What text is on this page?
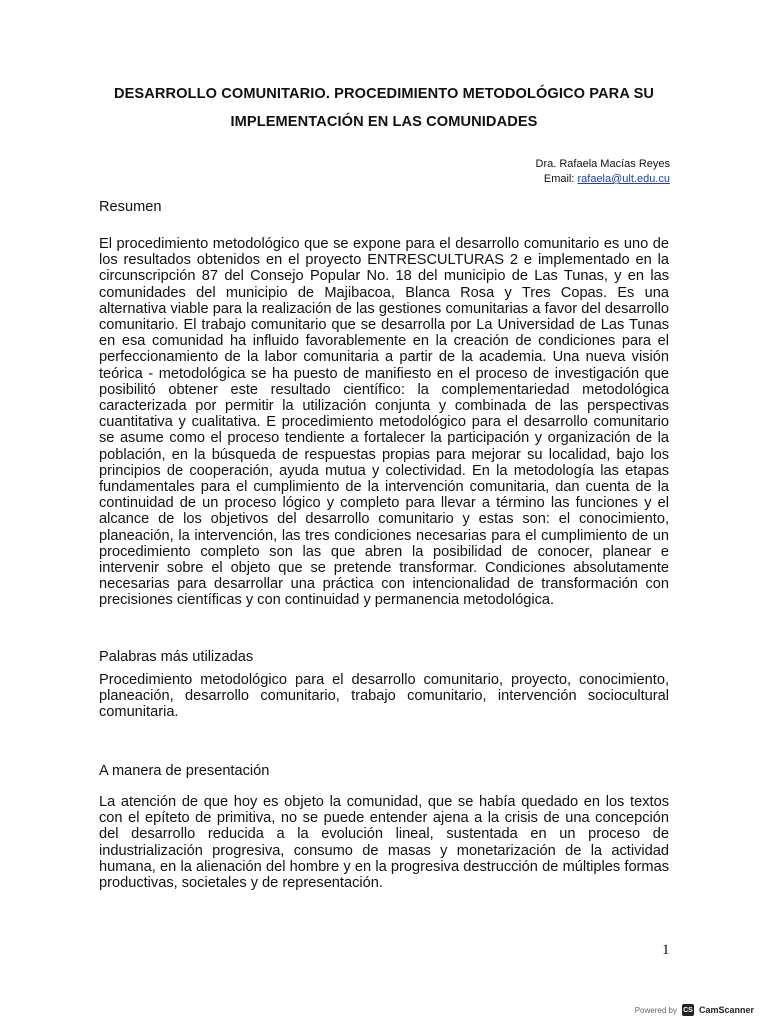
DESARROLLO COMUNITARIO. PROCEDIMIENTO METODOLÓGICO PARA SU
IMPLEMENTACIÓN EN LAS COMUNIDADES
Dra. Rafaela Macías Reyes
Email: rafaela@ult.edu.cu
Resumen
El procedimiento metodológico que se expone para el desarrollo comunitario es uno de los resultados obtenidos en el proyecto ENTRESCULTURAS 2 e implementado en la circunscripción 87 del Consejo Popular No. 18 del municipio de Las Tunas, y en las comunidades del municipio de Majibacoa, Blanca Rosa y Tres Copas. Es una alternativa viable para la realización de las gestiones comunitarias a favor del desarrollo comunitario. El trabajo comunitario que se desarrolla por La Universidad de Las Tunas en esa comunidad ha influido favorablemente en la creación de condiciones para el perfeccionamiento de la labor comunitaria a partir de la academia. Una nueva visión teórica - metodológica se ha puesto de manifiesto en el proceso de investigación que posibilitó obtener este resultado científico: la complementariedad metodológica caracterizada por permitir la utilización conjunta y combinada de las perspectivas cuantitativa y cualitativa. E procedimiento metodológico para el desarrollo comunitario se asume como el proceso tendiente a fortalecer la participación y organización de la población, en la búsqueda de respuestas propias para mejorar su localidad, bajo los principios de cooperación, ayuda mutua y colectividad. En la metodología las etapas fundamentales para el cumplimiento de la intervención comunitaria, dan cuenta de la continuidad de un proceso lógico y completo para llevar a término las funciones y el alcance de los objetivos del desarrollo comunitario y estas son: el conocimiento, planeación, la intervención, las tres condiciones necesarias para el cumplimiento de un procedimiento completo son las que abren la posibilidad de conocer, planear e intervenir sobre el objeto que se pretende transformar. Condiciones absolutamente necesarias para desarrollar una práctica con intencionalidad de transformación con precisiones científicas y con continuidad y permanencia metodológica.
Palabras más utilizadas
Procedimiento metodológico para el desarrollo comunitario, proyecto, conocimiento, planeación, desarrollo comunitario, trabajo comunitario, intervención sociocultural comunitaria.
A manera de presentación
La atención de que hoy es objeto la comunidad, que se había quedado en los textos con el epíteto de primitiva, no se puede entender ajena a la crisis de una concepción del desarrollo reducida a la evolución lineal, sustentada en un proceso de industrialización progresiva, consumo de masas y monetarización de la actividad humana, en la alienación del hombre y en la progresiva destrucción de múltiples formas productivas, societales y de representación.
1
Powered by CS CamScanner
